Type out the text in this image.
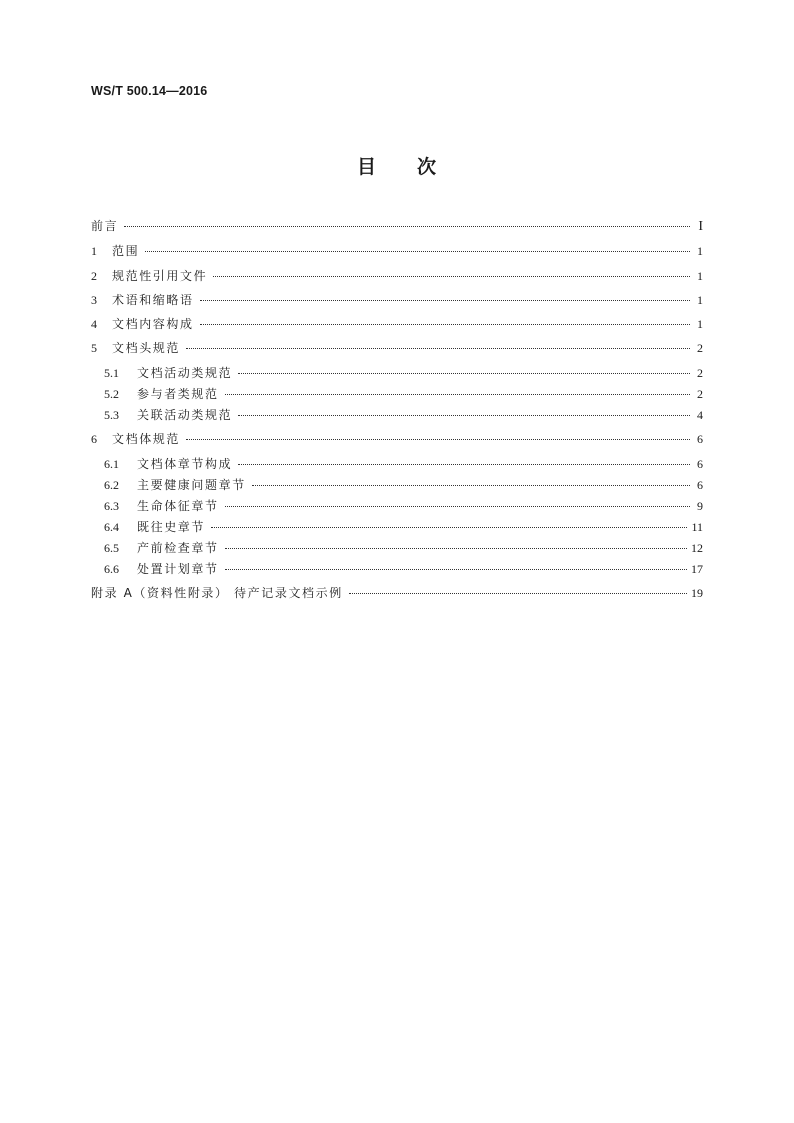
WS/T 500.14—2016
目 次
前言	I
1	范围	1
2	规范性引用文件	1
3	术语和缩略语	1
4	文档内容构成	1
5	文档头规范	2
5.1	文档活动类规范	2
5.2	参与者类规范	2
5.3	关联活动类规范	4
6	文档体规范	6
6.1	文档体章节构成	6
6.2	主要健康问题章节	6
6.3	生命体征章节	9
6.4	既往史章节	11
6.5	产前检查章节	12
6.6	处置计划章节	17
附录 A（资料性附录） 待产记录文档示例	19
